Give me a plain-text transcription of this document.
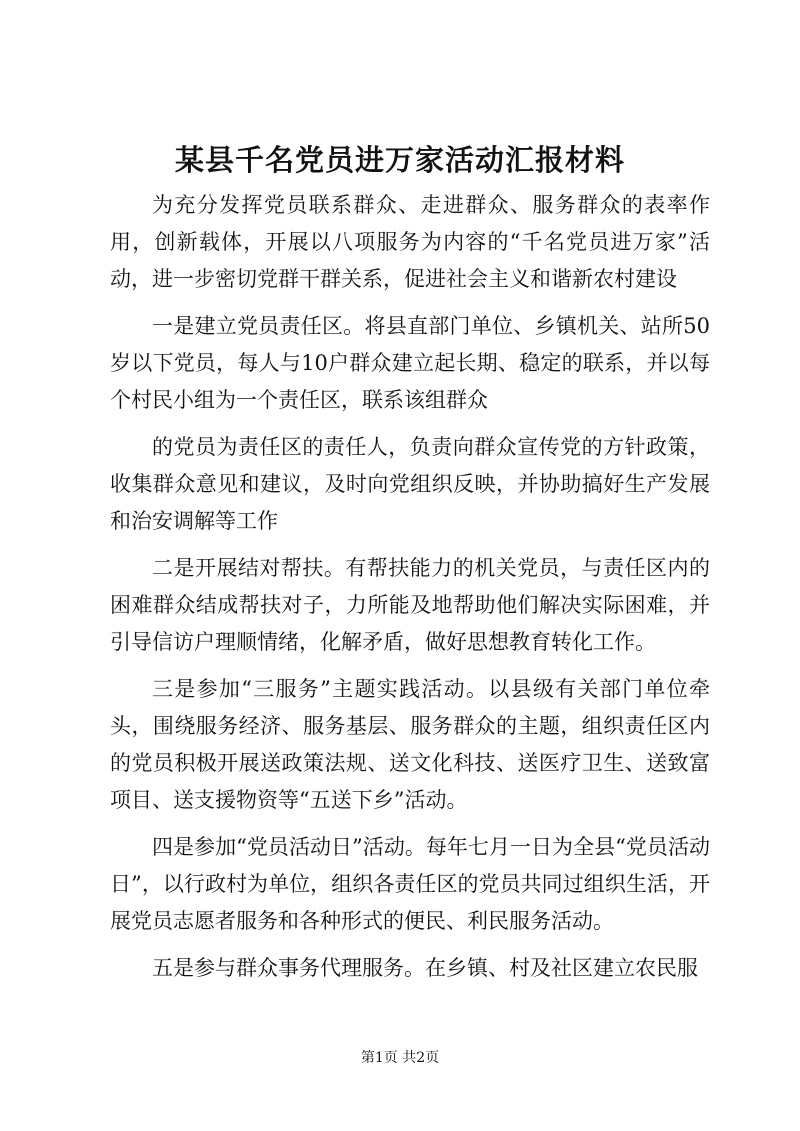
某县千名党员进万家活动汇报材料

为充分发挥党员联系群众、走进群众、服务群众的表率作用，创新载体，开展以八项服务为内容的“千名党员进万家”活动，进一步密切党群干群关系，促进社会主义和谐新农村建设

一是建立党员责任区。将县直部门单位、乡镇机关、站所50岁以下党员，每人与10户群众建立起长期、稳定的联系，并以每个村民小组为一个责任区，联系该组群众

的党员为责任区的责任人，负责向群众宣传党的方针政策，收集群众意见和建议，及时向党组织反映，并协助搞好生产发展和治安调解等工作

二是开展结对帮扶。有帮扶能力的机关党员，与责任区内的困难群众结成帮扶对子，力所能及地帮助他们解决实际困难，并引导信访户理顺情绪，化解矛盾，做好思想教育转化工作。

三是参加“三服务”主题实践活动。以县级有关部门单位牵头，围绕服务经济、服务基层、服务群众的主题，组织责任区内的党员积极开展送政策法规、送文化科技、送医疗卫生、送致富项目、送支援物资等“五送下乡”活动。

四是参加“党员活动日”活动。每年七月一日为全县“党员活动日”，以行政村为单位，组织各责任区的党员共同过组织生活，开展党员志愿者服务和各种形式的便民、利民服务活动。

五是参与群众事务代理服务。在乡镇、村及社区建立农民服

第1页 共2页
